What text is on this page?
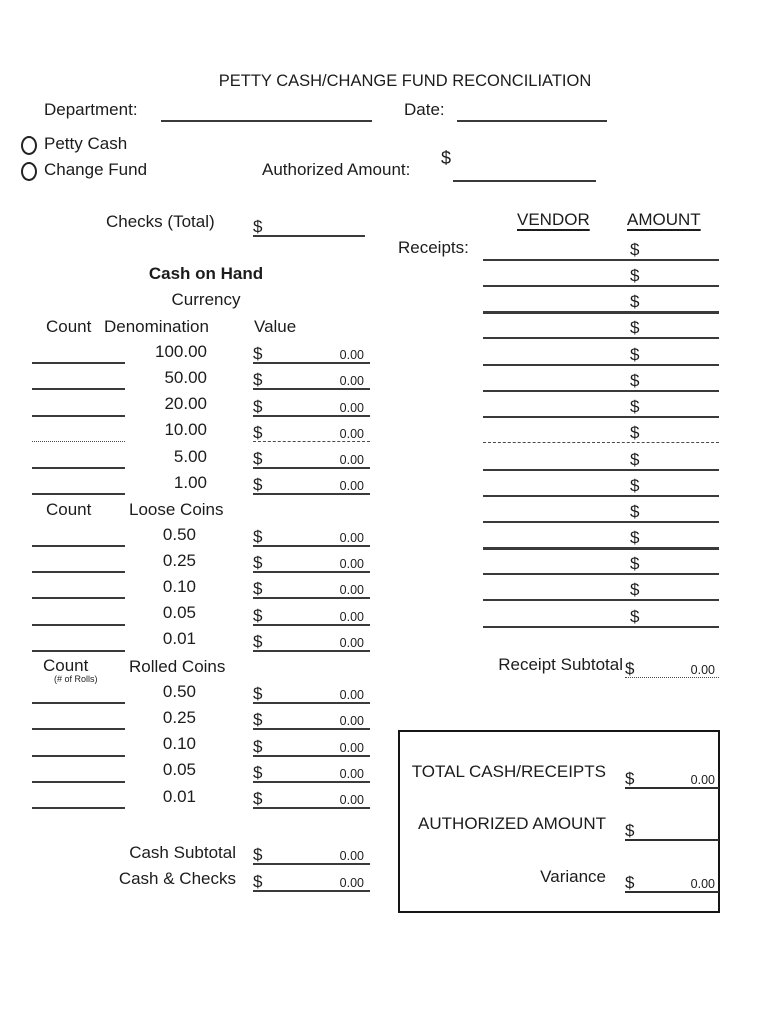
PETTY CASH/CHANGE FUND RECONCILIATION
Department:	Date:
Petty Cash
Change Fund	Authorized Amount:
$
Checks (Total) $	VENDOR AMOUNT
Receipts:	$
$
$
$
$
$
$
$
$
$
$
$
$
$
$
Receipt Subtotal $	0.00
Cash on Hand
Currency
Count Denomination	Value
100.00	$	0.00
50.00	$	0.00
20.00	$	0.00
10.00	$	0.00
5.00	$	0.00
1.00	$	0.00
Count Loose Coins
0.50	$	0.00
0.25	$	0.00
0.10	$	0.00
0.05	$	0.00
0.01	$	0.00
Count
(# of Rolls)
Rolled Coins
0.50	$	0.00
0.25	$	0.00
0.10	$	0.00
0.05	$	0.00
0.01	$	0.00
Cash Subtotal $	0.00
Cash & Checks $	0.00
TOTAL CASH/RECEIPTS $	0.00
AUTHORIZED AMOUNT $
Variance $	0.00
